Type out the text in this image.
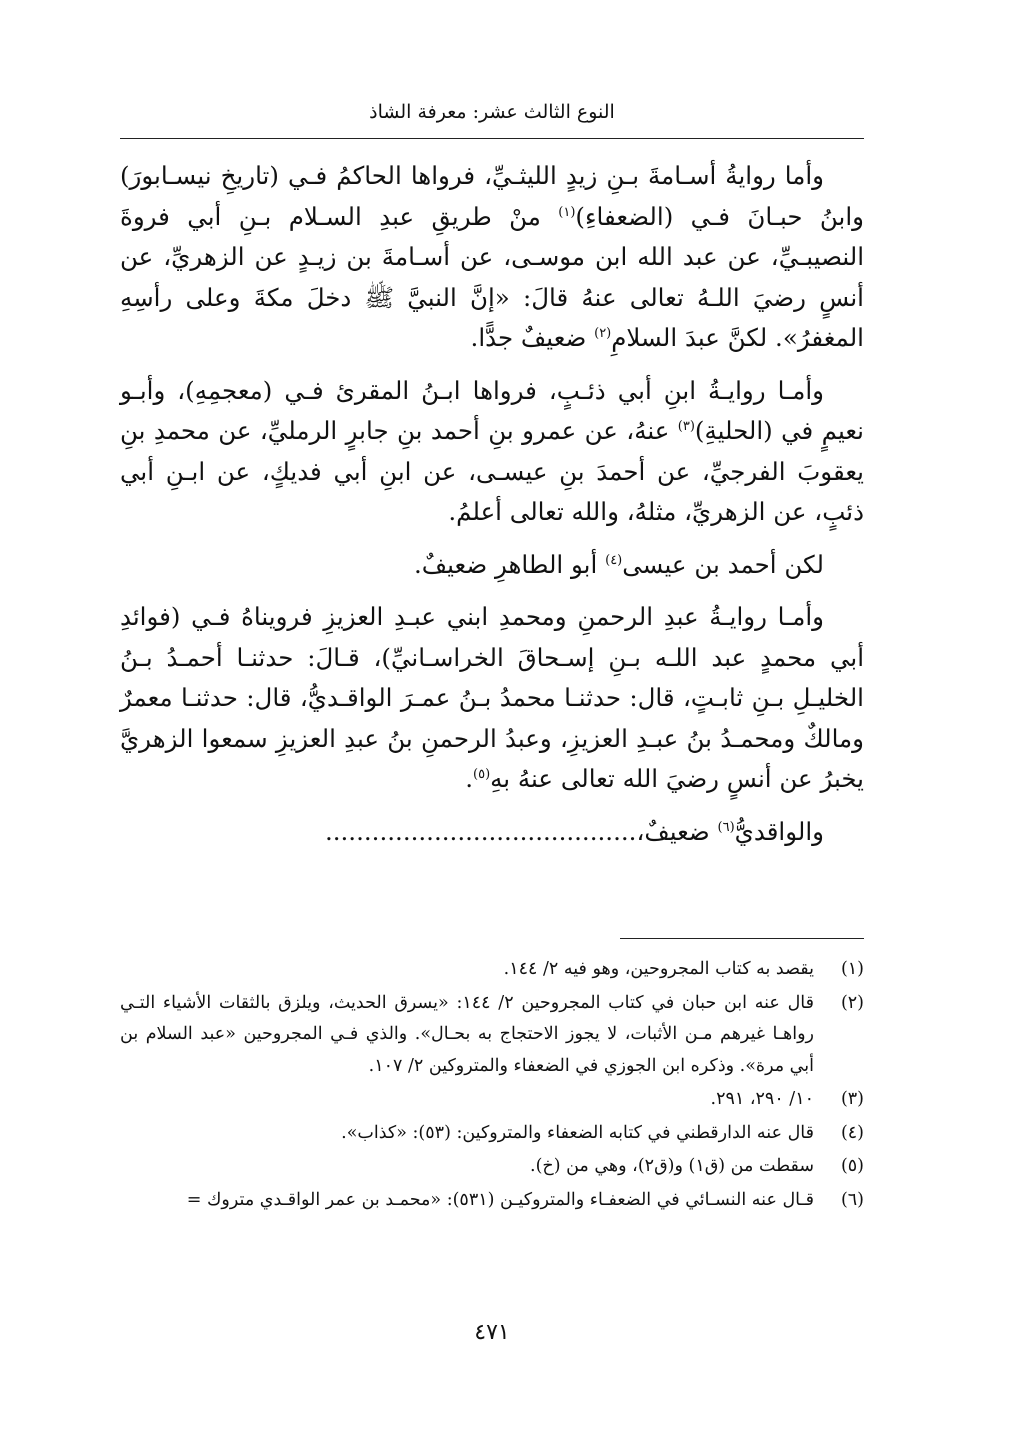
النوع الثالث عشر: معرفة الشاذ

وأما روايةُ أسـامةَ بـنِ زيدٍ الليثـيِّ، فرواها الحاكمُ فـي (تاريخِ نيسـابورَ) وابنُ حبـانَ فـي (الضعفاءِ)$^{(١)}$ منْ طريقِ عبدِ السـلام بـنِ أبي فروةَ النصيبـيِّ، عن عبد الله ابن موسـى، عن أسـامةَ بن زيـدٍ عن الزهريِّ، عن أنسٍ رضيَ اللـهُ تعالى عنهُ قالَ: «إنَّ النبيَّ ﷺ دخلَ مكةَ وعلى رأسِهِ المغفرُ». لكنَّ عبدَ السلامِ$^{(٢)}$ ضعيفٌ جدًّا.

وأمـا روايـةُ ابنِ أبي ذئـبٍ، فرواها ابـنُ المقرئ فـي (معجمِهِ)، وأبـو نعيمٍ في (الحليةِ)$^{(٣)}$ عنهُ، عن عمرو بنِ أحمد بنِ جابرٍ الرمليِّ، عن محمدِ بنِ يعقوبَ الفرجيِّ، عن أحمدَ بنِ عيسـى، عن ابنِ أبي فديكٍ، عن ابـنِ أبي ذئبٍ، عن الزهريِّ، مثلهُ، والله تعالى أعلمُ.

لكن أحمد بن عيسى$^{(٤)}$ أبو الطاهرِ ضعيفٌ.

وأمـا روايـةُ عبدِ الرحمنِ ومحمدِ ابني عبـدِ العزيزِ فرويناهُ فـي (فوائدِ أبي محمدٍ عبد اللـه بـنِ إسـحاقَ الخراسـانيِّ)، قـالَ: حدثنـا أحمـدُ بـنُ الخليـلِ بـنِ ثابـتٍ، قال: حدثنـا محمدُ بـنُ عمـرَ الواقـديُّ، قال: حدثنـا معمرٌ ومالكٌ ومحمـدُ بنُ عبـدِ العزيزِ، وعبدُ الرحمنِ بنُ عبدِ العزيزِ سمعوا الزهريَّ يخبرُ عن أنسٍ رضيَ الله تعالى عنهُ بهِ$^{(٥)}$.

والواقديُّ$^{(٦)}$ ضعيفٌ،........................................

(١)
يقصد به كتاب المجروحين، وهو فيه ٢/ ١٤٤.
(٢)
قال عنه ابن حبان في كتاب المجروحين ٢/ ١٤٤: «يسرق الحديث، ويلزق بالثقات الأشياء التـي رواهـا غيرهم مـن الأثبات، لا يجوز الاحتجاج به بحـال». والذي فـي المجروحين «عبد السلام بن أبي مرة». وذكره ابن الجوزي في الضعفاء والمتروكين ٢/ ١٠٧.
(٣)
١٠/ ٢٩٠، ٢٩١.
(٤)
قال عنه الدارقطني في كتابه الضعفاء والمتروكين: (٥٣): «كذاب».
(٥)
سقطت من (ق١) و(ق٢)، وهي من (خ).
(٦)
قـال عنه النسـائي في الضعفـاء والمتروكيـن (٥٣١): «محمـد بن عمر الواقـدي متروك =
٤٧١
